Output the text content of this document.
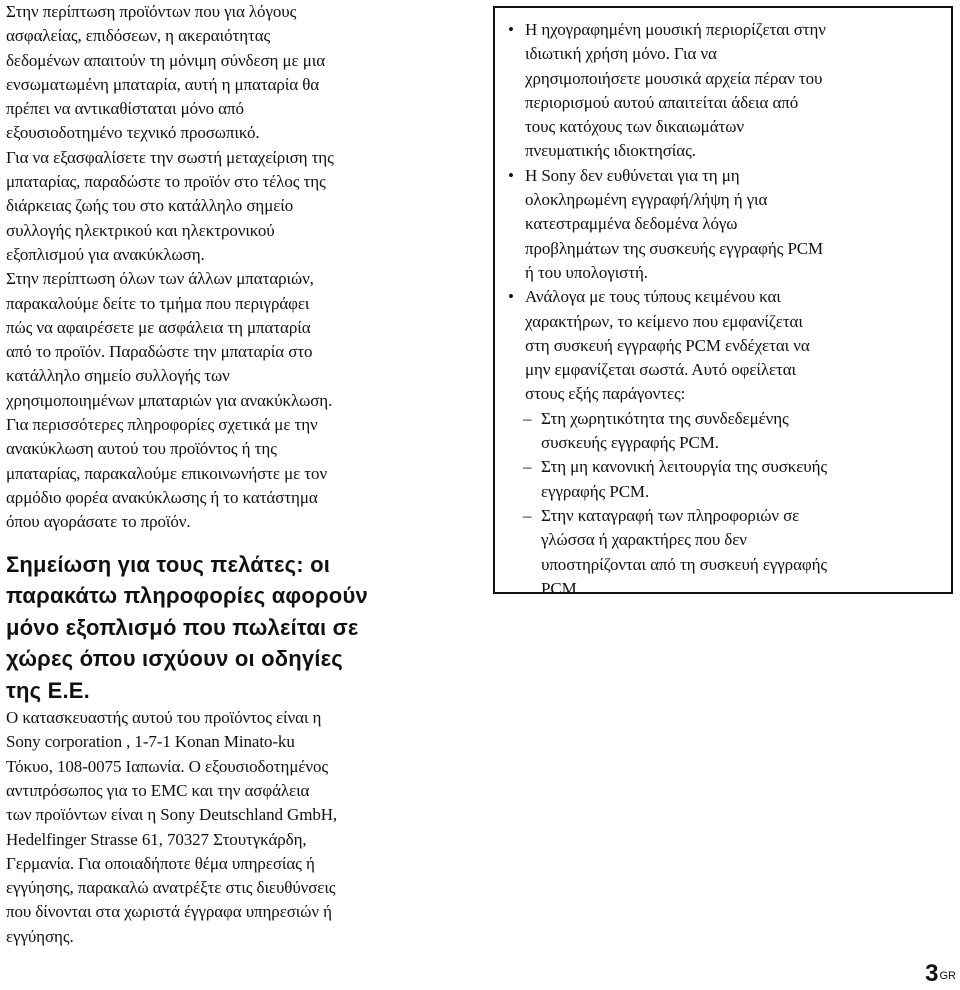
Στην περίπτωση προϊόντων που για λόγους
ασφαλείας, επιδόσεων, η ακεραιότητας
δεδομένων απαιτούν τη μόνιμη σύνδεση με μια
ενσωματωμένη μπαταρία, αυτή η μπαταρία θα
πρέπει να αντικαθίσταται μόνο από
εξουσιοδοτημένο τεχνικό προσωπικό.

Για να εξασφαλίσετε την σωστή μεταχείριση της
μπαταρίας, παραδώστε το προϊόν στο τέλος της
διάρκειας ζωής του στο κατάλληλο σημείο
συλλογής ηλεκτρικού και ηλεκτρονικού
εξοπλισμού για ανακύκλωση.

Στην περίπτωση όλων των άλλων μπαταριών,
παρακαλούμε δείτε το τμήμα που περιγράφει
πώς να αφαιρέσετε με ασφάλεια τη μπαταρία
από το προϊόν. Παραδώστε την μπαταρία στο
κατάλληλο σημείο συλλογής των
χρησιμοποιημένων μπαταριών για ανακύκλωση.

Για περισσότερες πληροφορίες σχετικά με την
ανακύκλωση αυτού του προϊόντος ή της
μπαταρίας, παρακαλούμε επικοινωνήστε με τον
αρμόδιο φορέα ανακύκλωσης ή το κατάστημα
όπου αγοράσατε το προϊόν.

Σημείωση για τους πελάτες: οι
παρακάτω πληροφορίες αφορούν
μόνο εξοπλισμό που πωλείται σε
χώρες όπου ισχύουν οι οδηγίες
της Ε.Ε.

Ο κατασκευαστής αυτού του προϊόντος είναι η
Sony corporation , 1-7-1 Konan Minato-ku
Τόκυο, 108-0075 Ιαπωνία. Ο εξουσιοδοτημένος
αντιπρόσωπος για το EMC και την ασφάλεια
των προϊόντων είναι η Sony Deutschland GmbH,
Hedelfinger Strasse 61, 70327 Στουτγκάρδη,
Γερμανία. Για οποιαδήποτε θέμα υπηρεσίας ή
εγγύησης, παρακαλώ ανατρέξτε στις διευθύνσεις
που δίνονται στα χωριστά έγγραφα υπηρεσιών ή
εγγύησης.

• Η ηχογραφημένη μουσική περιορίζεται στην
ιδιωτική χρήση μόνο. Για να
χρησιμοποιήσετε μουσικά αρχεία πέραν του
περιορισμού αυτού απαιτείται άδεια από
τους κατόχους των δικαιωμάτων
πνευματικής ιδιοκτησίας.
• Η Sony δεν ευθύνεται για τη μη
ολοκληρωμένη εγγραφή/λήψη ή για
κατεστραμμένα δεδομένα λόγω
προβλημάτων της συσκευής εγγραφής PCM
ή του υπολογιστή.
• Ανάλογα με τους τύπους κειμένου και
χαρακτήρων, το κείμενο που εμφανίζεται
στη συσκευή εγγραφής PCM ενδέχεται να
μην εμφανίζεται σωστά. Αυτό οφείλεται
στους εξής παράγοντες:
– Στη χωρητικότητα της συνδεδεμένης
συσκευής εγγραφής PCM.
– Στη μη κανονική λειτουργία της συσκευής
εγγραφής PCM.
– Στην καταγραφή των πληροφοριών σε
γλώσσα ή χαρακτήρες που δεν
υποστηρίζονται από τη συσκευή εγγραφής
PCM.
$3^{GR}$
